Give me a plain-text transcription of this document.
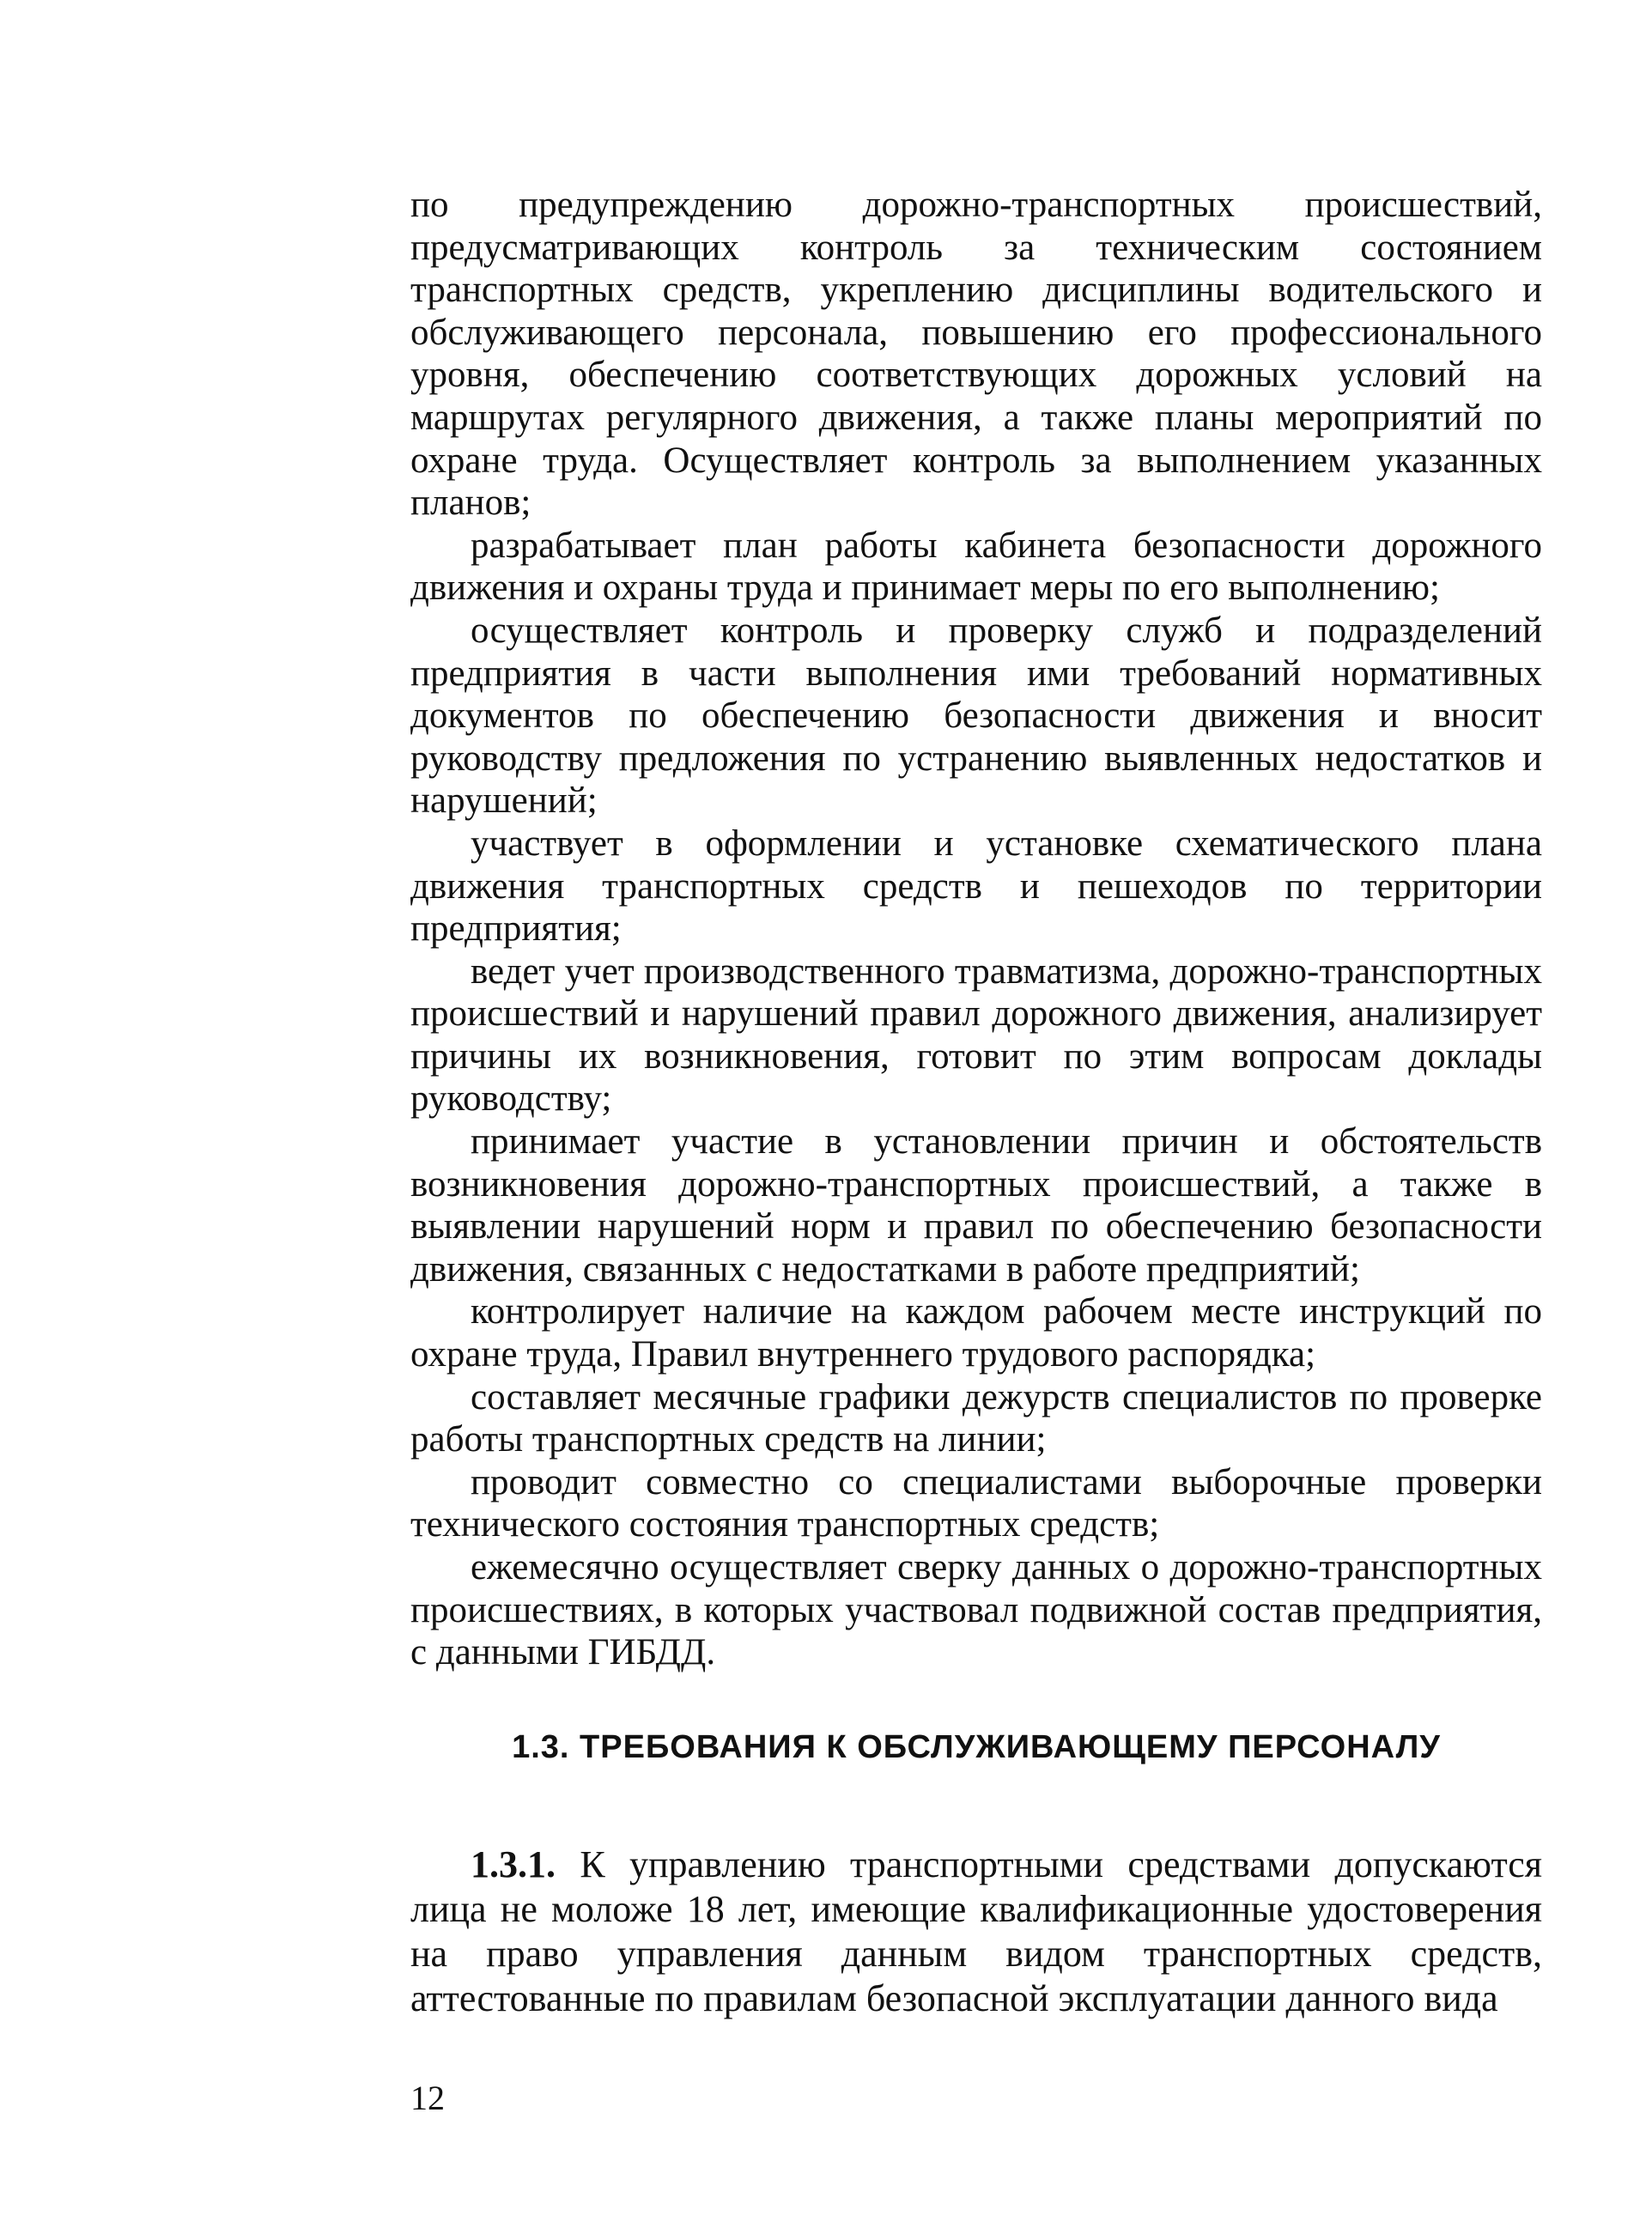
по предупреждению дорожно-транспортных происшествий, предусматривающих контроль за техническим состоянием транспортных средств, укреплению дисциплины водительского и обслуживающего персонала, повышению его профессионального уровня, обеспечению соответствующих дорожных условий на маршрутах регулярного движения, а также планы мероприятий по охране труда. Осуществляет контроль за выполнением указанных планов;

разрабатывает план работы кабинета безопасности дорожного движения и охраны труда и принимает меры по его выполнению;

осуществляет контроль и проверку служб и подразделений предприятия в части выполнения ими требований нормативных документов по обеспечению безопасности движения и вносит руководству предложения по устранению выявленных недостатков и нарушений;

участвует в оформлении и установке схематического плана движения транспортных средств и пешеходов по территории предприятия;

ведет учет производственного травматизма, дорожно-транспортных происшествий и нарушений правил дорожного движения, анализирует причины их возникновения, готовит по этим вопросам доклады руководству;

принимает участие в установлении причин и обстоятельств возникновения дорожно-транспортных происшествий, а также в выявлении нарушений норм и правил по обеспечению безопасности движения, связанных с недостатками в работе предприятий;

контролирует наличие на каждом рабочем месте инструкций по охране труда, Правил внутреннего трудового распорядка;

составляет месячные графики дежурств специалистов по проверке работы транспортных средств на линии;

проводит совместно со специалистами выборочные проверки технического состояния транспортных средств;

ежемесячно осуществляет сверку данных о дорожно-транспортных происшествиях, в которых участвовал подвижной состав предприятия, с данными ГИБДД.

1.3. ТРЕБОВАНИЯ К ОБСЛУЖИВАЮЩЕМУ ПЕРСОНАЛУ

1.3.1. К управлению транспортными средствами допускаются лица не моложе 18 лет, имеющие квалификационные удостоверения на право управления данным видом транспортных средств, аттестованные по правилам безопасной эксплуатации данного вида

12
